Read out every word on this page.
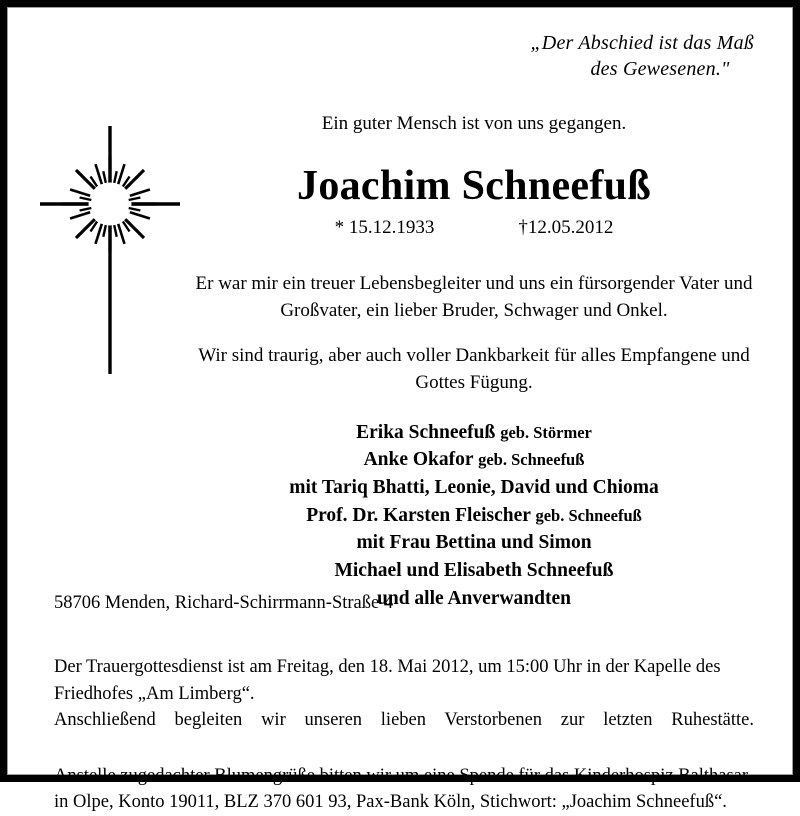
„Der Abschied ist das Maß
des Gewesenen."
Ein guter Mensch ist von uns gegangen.
Joachim Schneefuß
* 15.12.1933	†12.05.2012

Er war mir ein treuer Lebensbegleiter und uns ein fürsorgender Vater und Großvater, ein lieber Bruder, Schwager und Onkel.

Wir sind traurig, aber auch voller Dankbarkeit für alles Empfangene und Gottes Fügung.

Erika Schneefuß geb. Störmer
Anke Okafor geb. Schneefuß
mit Tariq Bhatti, Leonie, David und Chioma
Prof. Dr. Karsten Fleischer geb. Schneefuß
mit Frau Bettina und Simon
Michael und Elisabeth Schneefuß
und alle Anverwandten

58706 Menden, Richard-Schirrmann-Straße 4

Der Trauergottesdienst ist am Freitag, den 18. Mai 2012, um 15:00 Uhr in der Kapelle des
Friedhofes „Am Limberg“.
Anschließend begleiten wir unseren lieben Verstorbenen zur letzten Ruhestätte.
Anstelle zugedachter Blumengrüße bitten wir um eine Spende für das Kinderhospiz Balthasar
in Olpe, Konto 19011, BLZ 370 601 93, Pax-Bank Köln, Stichwort: „Joachim Schneefuß“.
